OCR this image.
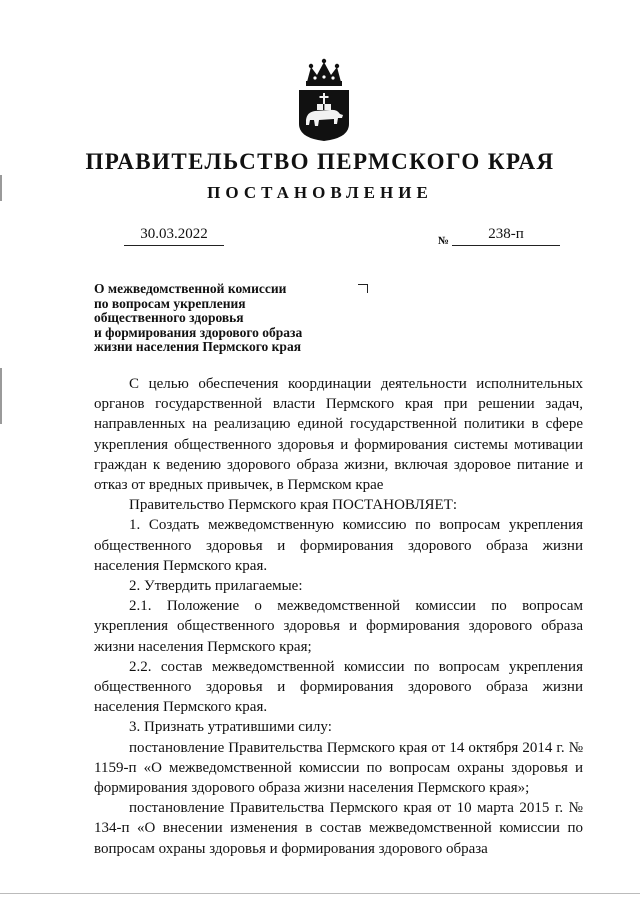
ПРАВИТЕЛЬСТВО ПЕРМСКОГО КРАЯ
ПОСТАНОВЛЕНИЕ
30.03.2022	№	238-п
О межведомственной комиссии
по вопросам укрепления
общественного здоровья
и формирования здорового образа
жизни населения Пермского края

С целью обеспечения координации деятельности исполнительных органов государственной власти Пермского края при решении задач, направленных на реализацию единой государственной политики в сфере укрепления общественного здоровья и формирования системы мотивации граждан к ведению здорового образа жизни, включая здоровое питание и отказ от вредных привычек, в Пермском крае

Правительство Пермского края ПОСТАНОВЛЯЕТ:

1. Создать межведомственную комиссию по вопросам укрепления общественного здоровья и формирования здорового образа жизни населения Пермского края.

2. Утвердить прилагаемые:

2.1. Положение о межведомственной комиссии по вопросам укрепления общественного здоровья и формирования здорового образа жизни населения Пермского края;

2.2. состав межведомственной комиссии по вопросам укрепления общественного здоровья и формирования здорового образа жизни населения Пермского края.

3. Признать утратившими силу:

постановление Правительства Пермского края от 14 октября 2014 г. № 1159-п «О межведомственной комиссии по вопросам охраны здоровья и формирования здорового образа жизни населения Пермского края»;

постановление Правительства Пермского края от 10 марта 2015 г. № 134-п «О внесении изменения в состав межведомственной комиссии по вопросам охраны здоровья и формирования здорового образа
